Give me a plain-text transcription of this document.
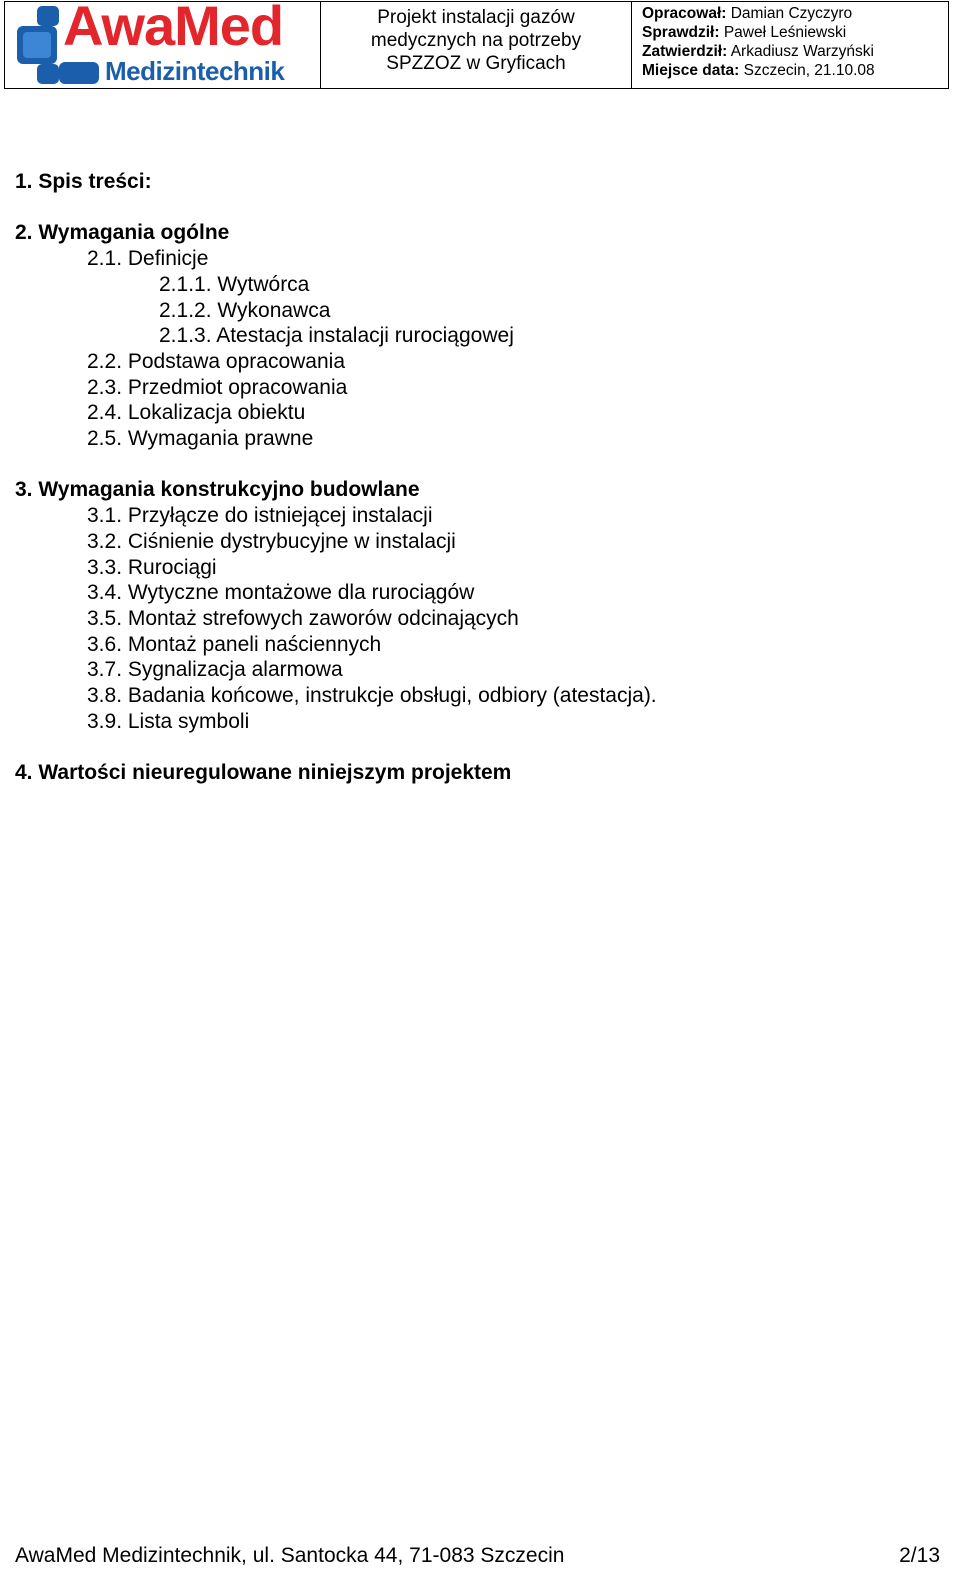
AwaMed
Medizintechnik
Projekt instalacji gazów
medycznych na potrzeby
SPZZOZ w Gryficach
Opracował: Damian Czyczyro
Sprawdził: Paweł Leśniewski
Zatwierdził: Arkadiusz Warzyński
Miejsce data: Szczecin, 21.10.08
1. Spis treści:
2. Wymagania ogólne
2.1. Definicje
2.1.1. Wytwórca
2.1.2. Wykonawca
2.1.3. Atestacja instalacji rurociągowej
2.2. Podstawa opracowania
2.3. Przedmiot opracowania
2.4. Lokalizacja obiektu
2.5. Wymagania prawne
3. Wymagania konstrukcyjno budowlane
3.1. Przyłącze do istniejącej instalacji
3.2. Ciśnienie dystrybucyjne w instalacji
3.3. Rurociągi
3.4. Wytyczne montażowe dla rurociągów
3.5. Montaż strefowych zaworów odcinających
3.6. Montaż paneli naściennych
3.7. Sygnalizacja alarmowa
3.8. Badania końcowe, instrukcje obsługi, odbiory (atestacja).
3.9. Lista symboli
4. Wartości nieuregulowane niniejszym projektem
AwaMed Medizintechnik, ul. Santocka 44, 71-083 Szczecin	2/13
